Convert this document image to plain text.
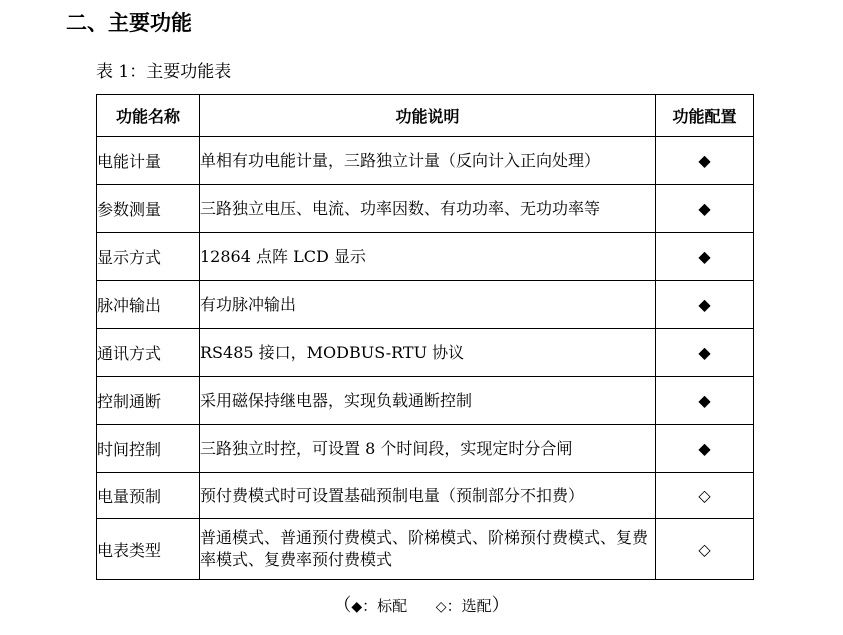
二、主要功能
表 1：主要功能表
功能名称	功能说明	功能配置
电能计量	单相有功电能计量，三路独立计量（反向计入正向处理）	◆
参数测量	三路独立电压、电流、功率因数、有功功率、无功功率等	◆
显示方式	12864 点阵 LCD 显示	◆
脉冲输出	有功脉冲输出	◆
通讯方式	RS485 接口，MODBUS-RTU 协议	◆
控制通断	采用磁保持继电器，实现负载通断控制	◆
时间控制	三路独立时控，可设置 8 个时间段，实现定时分合闸	◆
电量预制	预付费模式时可设置基础预制电量（预制部分不扣费）	◇
电表类型	普通模式、普通预付费模式、阶梯模式、阶梯预付费模式、复费率模式、复费率预付费模式	◇
（◆：标配 ◇：选配）
